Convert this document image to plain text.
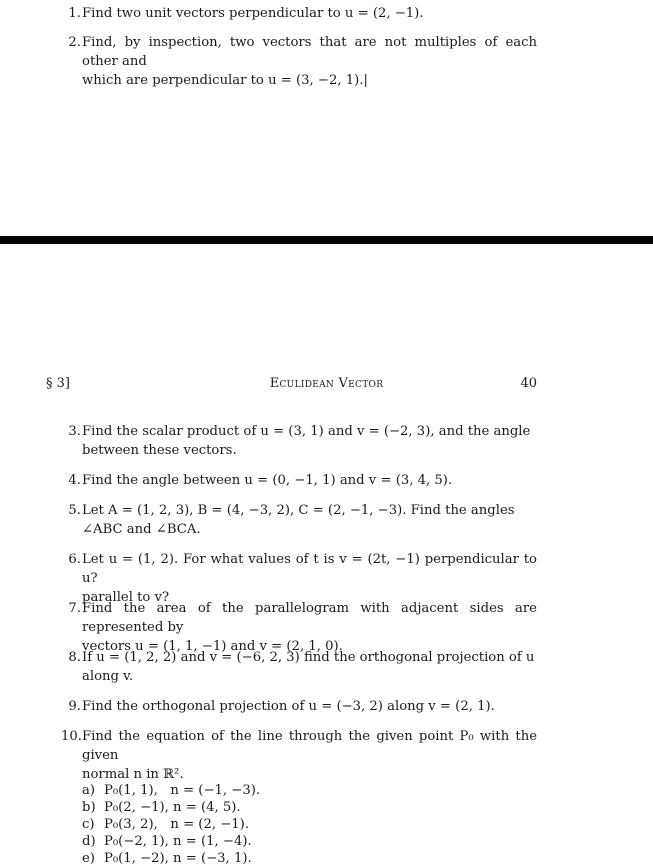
1. Find two unit vectors perpendicular to u = (2, −1).

2. Find, by inspection, two vectors that are not multiples of each other and

which are perpendicular to u = (3, −2, 1).|

§ 3]	Eculidean Vector	40
3. Find the scalar product of u = (3, 1) and v = (−2, 3), and the angle

between these vectors.

4. Find the angle between u = (0, −1, 1) and v = (3, 4, 5).

5. Let A = (1, 2, 3), B = (4, −3, 2), C = (2, −1, −3). Find the angles

∠ABC and ∠BCA.

6. Let u = (1, 2). For what values of t is v = (2t, −1) perpendicular to u?

parallel to v?

7. Find the area of the parallelogram with adjacent sides are represented by

vectors u = (1, 1, −1) and v = (2, 1, 0).

8. If u = (1, 2, 2) and v = (−6, 2, 3) find the orthogonal projection of u

along v.

9. Find the orthogonal projection of u = (−3, 2) along v = (2, 1).

10. Find the equation of the line through the given point P₀ with the given

normal n in ℝ².

a) P₀(1, 1),   n = (−1, −3).
b) P₀(2, −1), n = (4, 5).
c) P₀(3, 2),   n = (2, −1).
d) P₀(−2, 1), n = (1, −4).
e) P₀(1, −2), n = (−3, 1).
